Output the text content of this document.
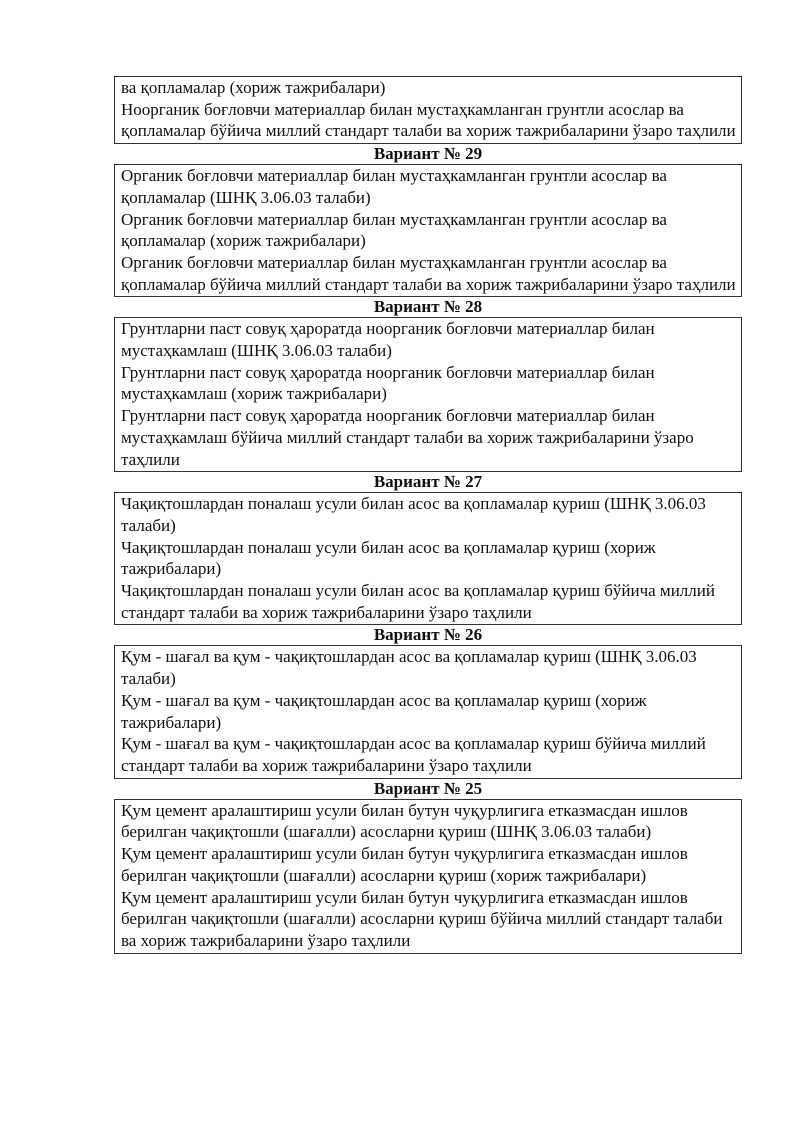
ва қопламалар (хориж тажрибалари)

Ноорганик боғловчи материаллар билан мустаҳкамланган грунтли асослар ва қопламалар бўйича миллий стандарт талаби ва хориж тажрибаларини ўзаро таҳлили

Вариант № 29

Органик боғловчи материаллар билан мустаҳкамланган грунтли асослар ва қопламалар (ШНҚ 3.06.03 талаби)

Органик боғловчи материаллар билан мустаҳкамланган грунтли асослар ва қопламалар (хориж тажрибалари)

Органик боғловчи материаллар билан мустаҳкамланган грунтли асослар ва қопламалар бўйича миллий стандарт талаби ва хориж тажрибаларини ўзаро таҳлили

Вариант № 28

Грунтларни паст совуқ ҳароратда ноорганик боғловчи материаллар билан мустаҳкамлаш (ШНҚ 3.06.03 талаби)

Грунтларни паст совуқ ҳароратда ноорганик боғловчи материаллар билан мустаҳкамлаш (хориж тажрибалари)

Грунтларни паст совуқ ҳароратда ноорганик боғловчи материаллар билан мустаҳкамлаш бўйича миллий стандарт талаби ва хориж тажрибаларини ўзаро таҳлили

Вариант № 27

Чақиқтошлардан поналаш усули билан асос ва қопламалар қуриш (ШНҚ 3.06.03 талаби)

Чақиқтошлардан поналаш усули билан асос ва қопламалар қуриш (хориж тажрибалари)

Чақиқтошлардан поналаш усули билан асос ва қопламалар қуриш бўйича миллий стандарт талаби ва хориж тажрибаларини ўзаро таҳлили

Вариант № 26

Қум - шағал ва қум - чақиқтошлардан асос ва қопламалар қуриш (ШНҚ 3.06.03 талаби)

Қум - шағал ва қум - чақиқтошлардан асос ва қопламалар қуриш (хориж тажрибалари)

Қум - шағал ва қум - чақиқтошлардан асос ва қопламалар қуриш бўйича миллий стандарт талаби ва хориж тажрибаларини ўзаро таҳлили

Вариант № 25

Қум цемент аралаштириш усули билан бутун чуқурлигига етказмасдан ишлов берилган чақиқтошли (шағалли) асосларни қуриш (ШНҚ 3.06.03 талаби)

Қум цемент аралаштириш усули билан бутун чуқурлигига етказмасдан ишлов берилган чақиқтошли (шағалли) асосларни қуриш (хориж тажрибалари)

Қум цемент аралаштириш усули билан бутун чуқурлигига етказмасдан ишлов берилган чақиқтошли (шағалли) асосларни қуриш бўйича миллий стандарт талаби ва хориж тажрибаларини ўзаро таҳлили
